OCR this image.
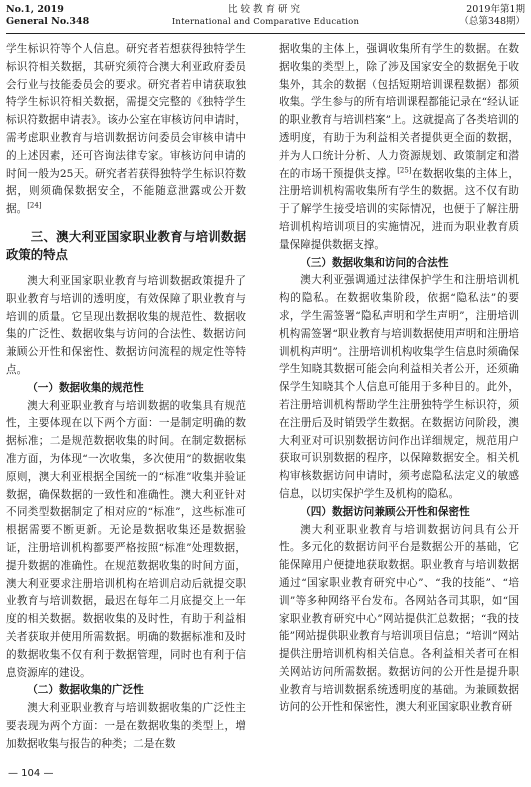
No.1, 2019
General No.348
比较教育研究
International and Comparative Education
2019年第1期
（总第348期）

学生标识符等个人信息。研究者若想获得独特学生标识符相关数据，其研究须符合澳大利亚政府委员会行业与技能委员会的要求。研究者若申请获取独特学生标识符相关数据，需提交完整的《独特学生标识符数据申请表》。该办公室在审核访问申请时，需考虑职业教育与培训数据访问委员会审核申请中的上述因素，还可咨询法律专家。审核访问申请的时间一般为25天。研究者若获得独特学生标识符数据，则须确保数据安全，不能随意泄露或公开数据。[24]

三、澳大利亚国家职业教育与培训数据政策的特点

澳大利亚国家职业教育与培训数据政策提升了职业教育与培训的透明度，有效保障了职业教育与培训的质量。它呈现出数据收集的规范性、数据收集的广泛性、数据收集与访问的合法性、数据访问兼顾公开性和保密性、数据访问流程的规定性等特点。

（一）数据收集的规范性

澳大利亚职业教育与培训数据的收集具有规范性，主要体现在以下两个方面：一是制定明确的数据标准；二是规范数据收集的时间。在制定数据标准方面，为体现“一次收集，多次使用”的数据收集原则，澳大利亚根据全国统一的“标准”收集并验证数据，确保数据的一致性和准确性。澳大利亚针对不同类型数据制定了相对应的“标准”，这些标准可根据需要不断更新。无论是数据收集还是数据验证，注册培训机构都要严格按照“标准”处理数据，提升数据的准确性。在规范数据收集的时间方面，澳大利亚要求注册培训机构在培训启动后就提交职业教育与培训数据，最迟在每年二月底提交上一年度的相关数据。数据收集的及时性，有助于利益相关者获取并使用所需数据。明确的数据标准和及时的数据收集不仅有利于数据管理，同时也有利于信息资源库的建设。

（二）数据收集的广泛性

澳大利亚职业教育与培训数据收集的广泛性主要表现为两个方面：一是在数据收集的类型上，增加数据收集与报告的种类；二是在数

据收集的主体上，强调收集所有学生的数据。在数据收集的类型上，除了涉及国家安全的数据免于收集外，其余的数据（包括短期培训课程数据）都须收集。学生参与的所有培训课程都能记录在“经认证的职业教育与培训档案”上。这就提高了各类培训的透明度，有助于为利益相关者提供更全面的数据，并为人口统计分析、人力资源规划、政策制定和潜在的市场干预提供支撑。[25]在数据收集的主体上，注册培训机构需收集所有学生的数据。这不仅有助于了解学生接受培训的实际情况，也便于了解注册培训机构培训项目的实施情况，进而为职业教育质量保障提供数据支撑。

（三）数据收集和访问的合法性

澳大利亚强调通过法律保护学生和注册培训机构的隐私。在数据收集阶段，依据“隐私法”的要求，学生需签署“隐私声明和学生声明”，注册培训机构需签署“职业教育与培训数据使用声明和注册培训机构声明”。注册培训机构收集学生信息时须确保学生知晓其数据可能会向利益相关者公开，还须确保学生知晓其个人信息可能用于多种目的。此外，若注册培训机构帮助学生注册独特学生标识符，须在注册后及时销毁学生数据。在数据访问阶段，澳大利亚对可识别数据访问作出详细规定，规范用户获取可识别数据的程序，以保障数据安全。相关机构审核数据访问申请时，须考虑隐私法定义的敏感信息，以切实保护学生及机构的隐私。

（四）数据访问兼顾公开性和保密性

澳大利亚职业教育与培训数据访问具有公开性。多元化的数据访问平台是数据公开的基础，它能保障用户便捷地获取数据。职业教育与培训数据通过“国家职业教育研究中心”、“我的技能”、“培训”等多种网络平台发布。各网站各司其职，如“国家职业教育研究中心”网站提供汇总数据；“我的技能”网站提供职业教育与培训项目信息；“培训”网站提供注册培训机构相关信息。各利益相关者可在相关网站访问所需数据。数据访问的公开性是提升职业教育与培训数据系统透明度的基础。为兼顾数据访问的公开性和保密性，澳大利亚国家职业教育研

— 104 —
